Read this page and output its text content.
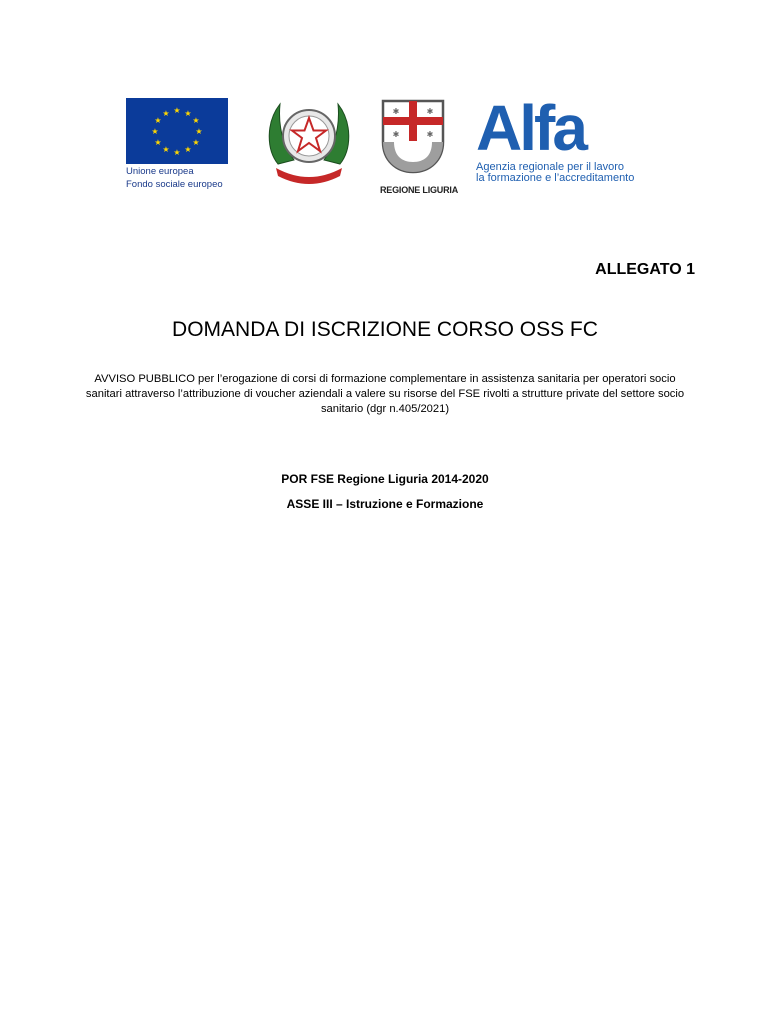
★ ★
★
★
★
★
★
★
★
★
★
★
Unione europea
Fondo sociale europeo
✱	✱
✱	✱
REGIONE LIGURIA
Alfa
Agenzia regionale per il lavoro
la formazione e l’accreditamento
ALLEGATO 1
DOMANDA DI ISCRIZIONE CORSO OSS FC
AVVISO PUBBLICO per l’erogazione di corsi di formazione complementare in assistenza sanitaria per operatori socio sanitari attraverso l’attribuzione di voucher aziendali a valere su risorse del FSE rivolti a strutture private del settore socio sanitario (dgr n.405/2021)
POR FSE Regione Liguria 2014-2020
ASSE III – Istruzione e Formazione
